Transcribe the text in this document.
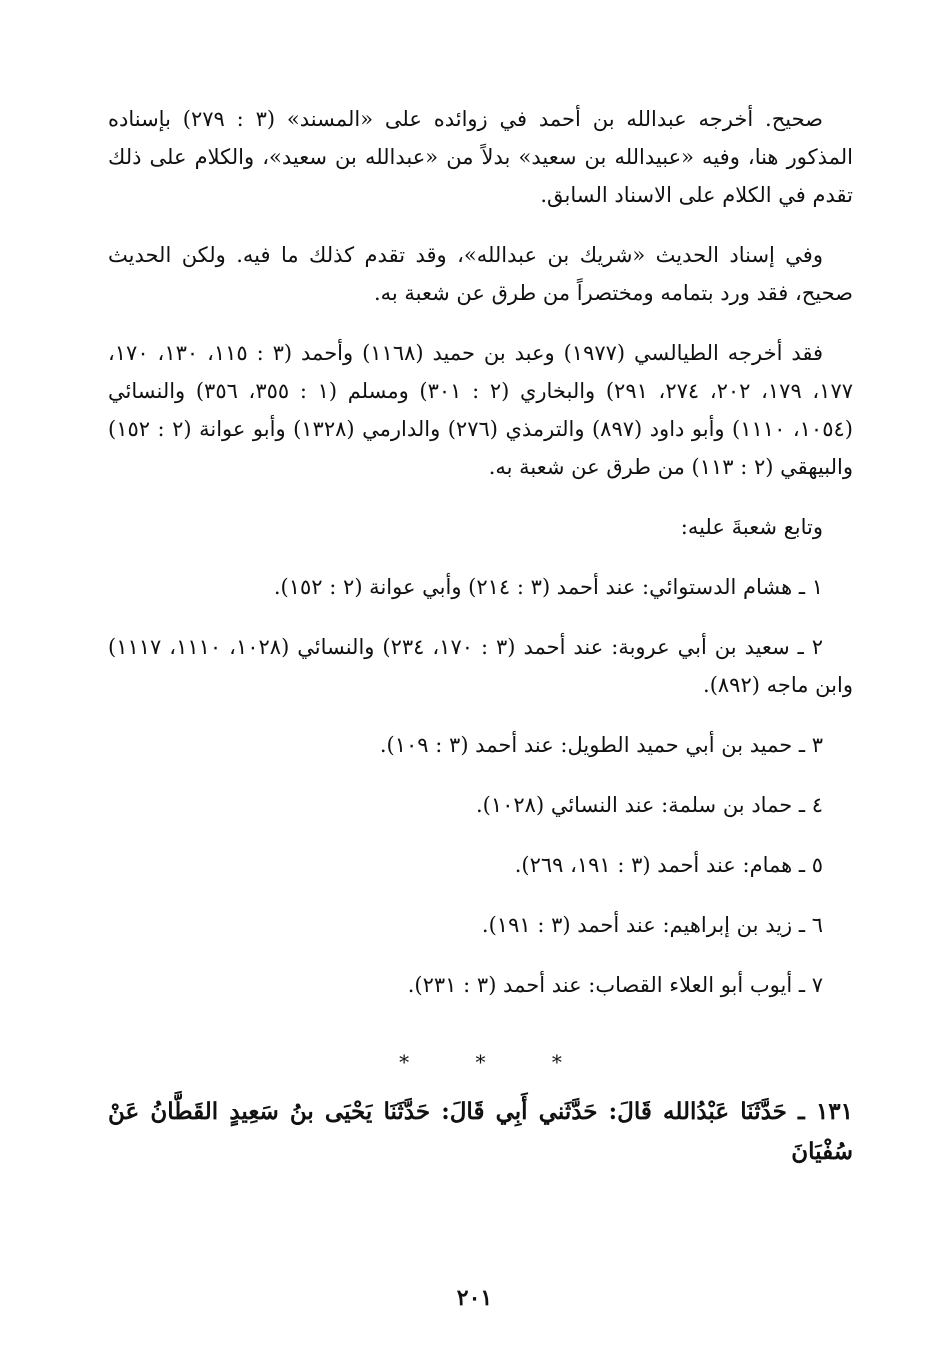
صحيح. أخرجه عبدالله بن أحمد في زوائده على «المسند» (٣ : ٢٧٩) بإسناده المذكور هنا، وفيه «عبيدالله بن سعيد» بدلاً من «عبدالله بن سعيد»، والكلام على ذلك تقدم في الكلام على الاسناد السابق.

وفي إسناد الحديث «شريك بن عبدالله»، وقد تقدم كذلك ما فيه. ولكن الحديث صحيح، فقد ورد بتمامه ومختصراً من طرق عن شعبة به.

فقد أخرجه الطيالسي (١٩٧٧) وعبد بن حميد (١١٦٨) وأحمد (٣ : ١١٥، ١٣٠، ١٧٠، ١٧٧، ١٧٩، ٢٠٢، ٢٧٤، ٢٩١) والبخاري (٢ : ٣٠١) ومسلم (١ : ٣٥٥، ٣٥٦) والنسائي (١٠٥٤، ١١١٠) وأبو داود (٨٩٧) والترمذي (٢٧٦) والدارمي (١٣٢٨) وأبو عوانة (٢ : ١٥٢) والبيهقي (٢ : ١١٣) من طرق عن شعبة به.

وتابع شعبةَ عليه:

١ ـ هشام الدستوائي: عند أحمد (٣ : ٢١٤) وأبي عوانة (٢ : ١٥٢).
٢ ـ سعيد بن أبي عروبة: عند أحمد (٣ : ١٧٠، ٢٣٤) والنسائي (١٠٢٨، ١١١٠، ١١١٧) وابن ماجه (٨٩٢).
٣ ـ حميد بن أبي حميد الطويل: عند أحمد (٣ : ١٠٩).
٤ ـ حماد بن سلمة: عند النسائي (١٠٢٨).
٥ ـ همام: عند أحمد (٣ : ١٩١، ٢٦٩).
٦ ـ زيد بن إبراهيم: عند أحمد (٣ : ١٩١).
٧ ـ أيوب أبو العلاء القصاب: عند أحمد (٣ : ٢٣١).
* * *

١٣١ ـ حَدَّثَنَا عَبْدُالله قَالَ: حَدَّثَني أَبِي قَالَ: حَدَّثَنَا يَحْيَى بنُ سَعِيدٍ القَطَّانُ عَنْ سُفْيَانَ

٢٠١
